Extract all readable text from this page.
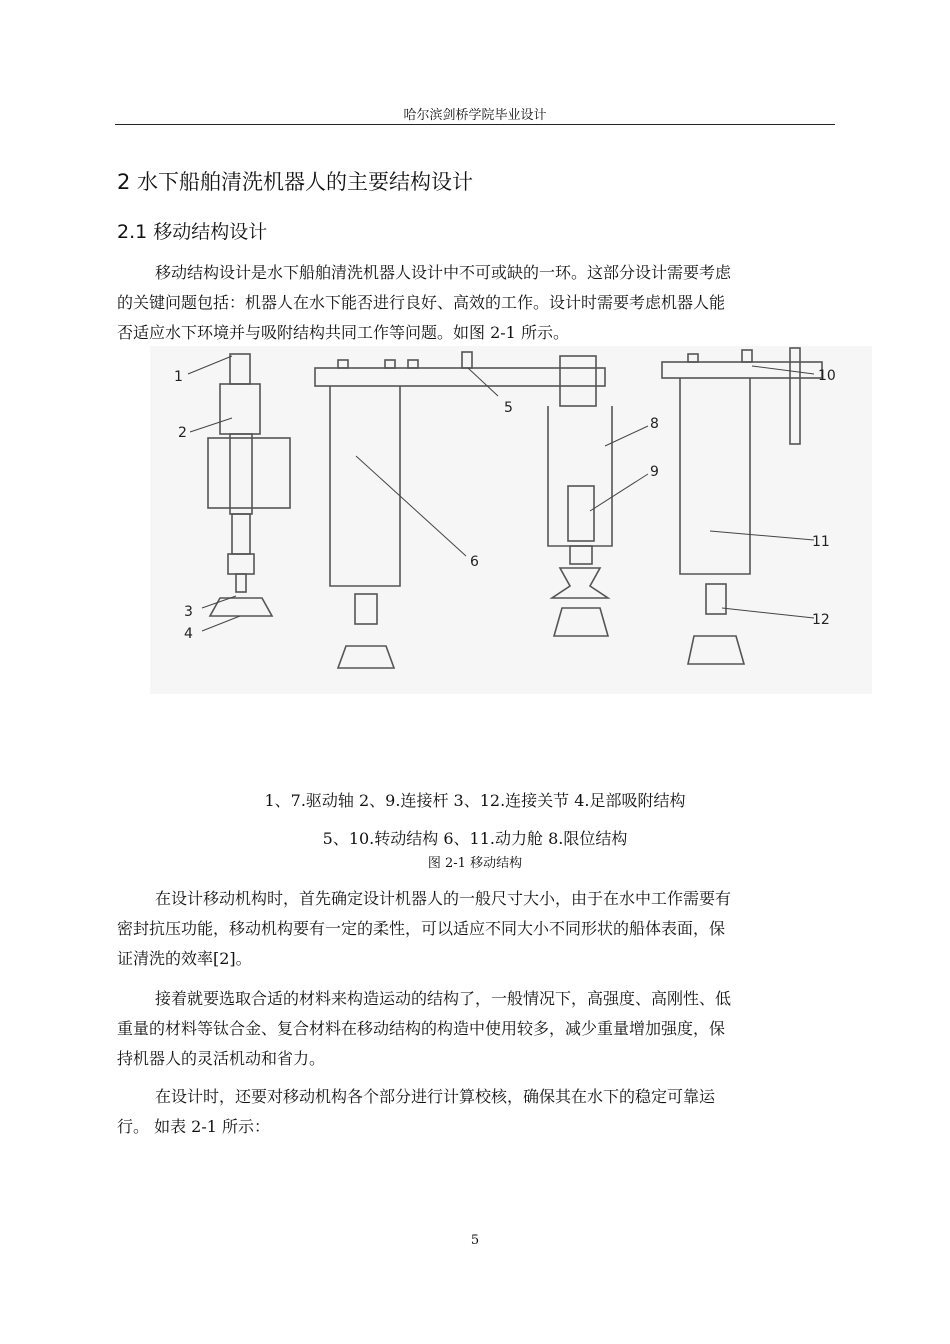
哈尔滨剑桥学院毕业设计
2 水下船舶清洗机器人的主要结构设计
2.1 移动结构设计
移动结构设计是水下船舶清洗机器人设计中不可或缺的一环。这部分设计需要考虑
的关键问题包括：机器人在水下能否进行良好、高效的工作。设计时需要考虑机器人能
否适应水下环境并与吸附结构共同工作等问题。如图 2-1 所示。
1
2
3
4
5
6
8
9
10
11
12
1、7.驱动轴 2、9.连接杆 3、12.连接关节 4.足部吸附结构
5、10.转动结构 6、11.动力舱 8.限位结构
图 2-1 移动结构
在设计移动机构时，首先确定设计机器人的一般尺寸大小，由于在水中工作需要有
密封抗压功能，移动机构要有一定的柔性，可以适应不同大小不同形状的船体表面，保
证清洗的效率[2]。
接着就要选取合适的材料来构造运动的结构了，一般情况下，高强度、高刚性、低
重量的材料等钛合金、复合材料在移动结构的构造中使用较多，减少重量增加强度，保
持机器人的灵活机动和省力。
在设计时，还要对移动机构各个部分进行计算校核，确保其在水下的稳定可靠运
行。 如表 2-1 所示：
5
